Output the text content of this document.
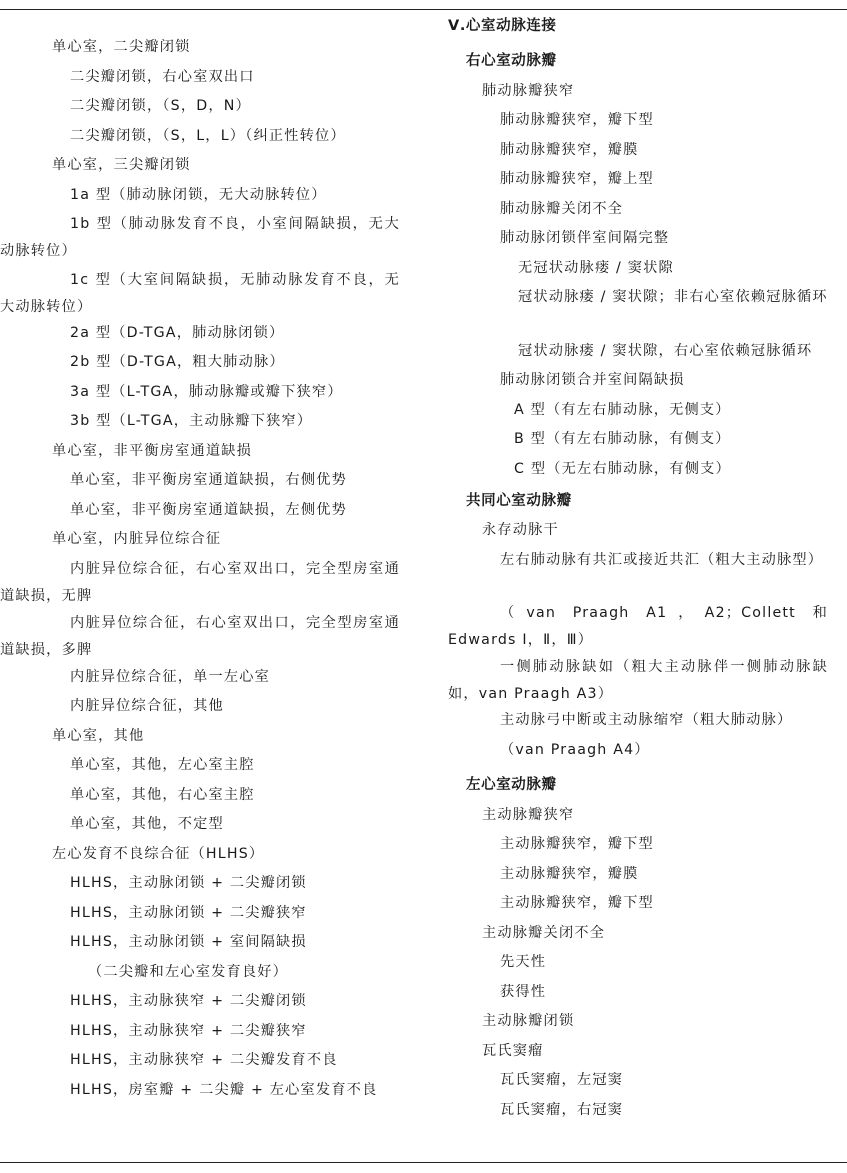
单心室，二尖瓣闭锁
二尖瓣闭锁，右心室双出口
二尖瓣闭锁，（S，D，N）
二尖瓣闭锁，（S，L，L）（纠正性转位）
单心室，三尖瓣闭锁
1a 型（肺动脉闭锁，无大动脉转位）
1b 型（肺动脉发育不良，小室间隔缺损，无大动脉转位）
1c 型（大室间隔缺损，无肺动脉发育不良，无大动脉转位）
2a 型（D-TGA，肺动脉闭锁）
2b 型（D-TGA，粗大肺动脉）
3a 型（L-TGA，肺动脉瓣或瓣下狭窄）
3b 型（L-TGA，主动脉瓣下狭窄）
单心室，非平衡房室通道缺损
单心室，非平衡房室通道缺损，右侧优势
单心室，非平衡房室通道缺损，左侧优势
单心室，内脏异位综合征
内脏异位综合征，右心室双出口，完全型房室通道缺损，无脾
内脏异位综合征，右心室双出口，完全型房室通道缺损，多脾
内脏异位综合征，单一左心室
内脏异位综合征，其他
单心室，其他
单心室，其他，左心室主腔
单心室，其他，右心室主腔
单心室，其他，不定型
左心发育不良综合征（HLHS）
HLHS，主动脉闭锁 + 二尖瓣闭锁
HLHS，主动脉闭锁 + 二尖瓣狭窄
HLHS，主动脉闭锁 + 室间隔缺损
（二尖瓣和左心室发育良好）
HLHS，主动脉狭窄 + 二尖瓣闭锁
HLHS，主动脉狭窄 + 二尖瓣狭窄
HLHS，主动脉狭窄 + 二尖瓣发育不良
HLHS，房室瓣 + 二尖瓣 + 左心室发育不良
Ⅴ.心室动脉连接
右心室动脉瓣
肺动脉瓣狭窄
肺动脉瓣狭窄，瓣下型
肺动脉瓣狭窄，瓣膜
肺动脉瓣狭窄，瓣上型
肺动脉瓣关闭不全
肺动脉闭锁伴室间隔完整
无冠状动脉瘘 / 窦状隙
冠状动脉瘘 / 窦状隙；非右心室依赖冠脉循环
冠状动脉瘘 / 窦状隙，右心室依赖冠脉循环
肺动脉闭锁合并室间隔缺损
A 型（有左右肺动脉，无侧支）
B 型（有左右肺动脉，有侧支）
C 型（无左右肺动脉，有侧支）
共同心室动脉瓣
永存动脉干
左右肺动脉有共汇或接近共汇（粗大主动脉型）
（van Praagh A1，A2；Collett 和 Edwards Ⅰ，Ⅱ，Ⅲ）
一侧肺动脉缺如（粗大主动脉伴一侧肺动脉缺如，van Praagh A3）
主动脉弓中断或主动脉缩窄（粗大肺动脉）
（van Praagh A4）
左心室动脉瓣
主动脉瓣狭窄
主动脉瓣狭窄，瓣下型
主动脉瓣狭窄，瓣膜
主动脉瓣狭窄，瓣下型
主动脉瓣关闭不全
先天性
获得性
主动脉瓣闭锁
瓦氏窦瘤
瓦氏窦瘤，左冠窦
瓦氏窦瘤，右冠窦
